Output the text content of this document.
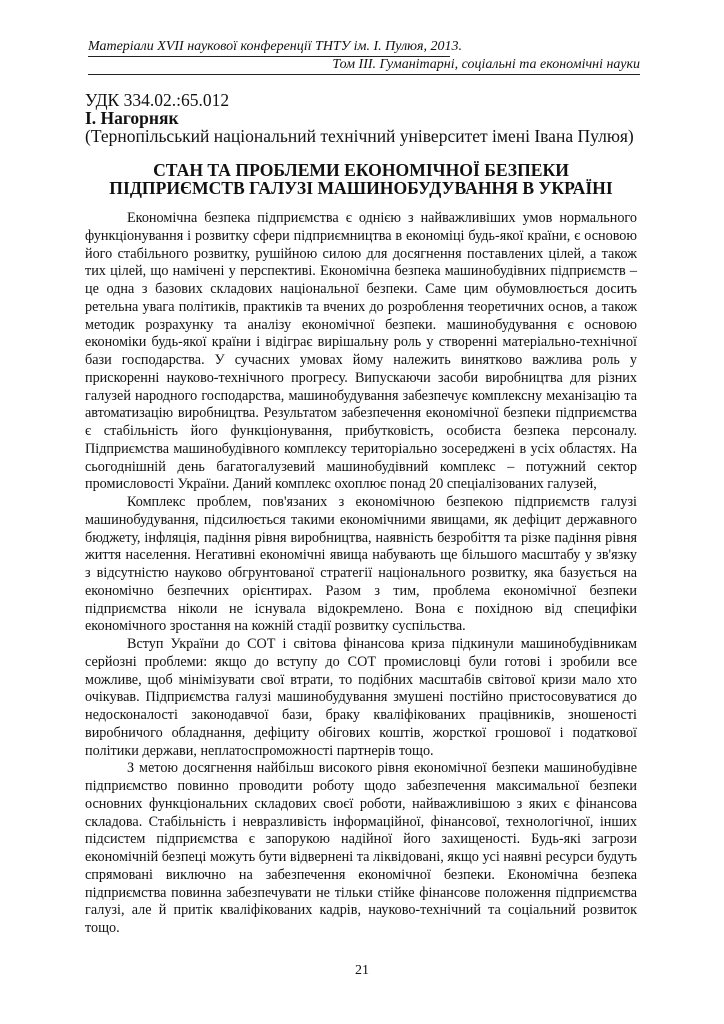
Матеріали XVII наукової конференції ТНТУ ім. І. Пулюя, 2013.
Том ІІІ. Гуманітарні, соціальні та економічні науки
УДК 334.02.:65.012
І. Нагорняк
(Тернопільський національний технічний університет імені Івана Пулюя)
СТАН ТА ПРОБЛЕМИ ЕКОНОМІЧНОЇ БЕЗПЕКИ
ПІДПРИЄМСТВ ГАЛУЗІ МАШИНОБУДУВАННЯ В УКРАЇНІ

Економічна безпека підприємства є однією з найважливіших умов нормального функціонування і розвитку сфери підприємництва в економіці будь-якої країни, є основою його стабільного розвитку, рушійною силою для досягнення поставлених цілей, а також тих цілей, що намічені у перспективі. Економічна безпека машинобудівних підприємств – це одна з базових складових національної безпеки. Саме цим обумовлюється досить ретельна увага політиків, практиків та вчених до розроблення теоретичних основ, а також методик розрахунку та аналізу економічної безпеки. машинобудування є основою економіки будь-якої країни і відіграє вирішальну роль у створенні матеріально-технічної бази господарства. У сучасних умовах йому належить винятково важлива роль у прискоренні науково-технічного прогресу. Випускаючи засоби виробництва для різних галузей народного господарства, машинобудування забезпечує комплексну механізацію та автоматизацію виробництва. Результатом забезпечення економічної безпеки підприємства є стабільність його функціонування, прибутковість, особиста безпека персоналу. Підприємства машинобудівного комплексу територіально зосереджені в усіх областях. На сьогоднішній день багатогалузевий машинобудівний комплекс – потужний сектор промисловості України. Даний комплекс охоплює понад 20 спеціалізованих галузей,

Комплекс проблем, пов'язаних з економічною безпекою підприємств галузі машинобудування, підсилюється такими економічними явищами, як дефіцит державного бюджету, інфляція, падіння рівня виробництва, наявність безробіття та різке падіння рівня життя населення. Негативні економічні явища набувають ще більшого масштабу у зв'язку з відсутністю науково обгрунтованої стратегії національного розвитку, яка базується на економічно безпечних орієнтирах. Разом з тим, проблема економічної безпеки підприємства ніколи не існувала відокремлено. Вона є похідною від специфіки економічного зростання на кожній стадії розвитку суспільства.

Вступ України до СОТ і світова фінансова криза підкинули машинобудівникам серйозні проблеми: якщо до вступу до СОТ промисловці були готові і зробили все можливе, щоб мінімізувати свої втрати, то подібних масштабів світової кризи мало хто очікував. Підприємства галузі машинобудування змушені постійно пристосовуватися до недосконалості законодавчої бази, браку кваліфікованих працівників, зношеності виробничого обладнання, дефіциту обігових коштів, жорсткої грошової і податкової політики держави, неплатоспроможності партнерів тощо.

З метою досягнення найбільш високого рівня економічної безпеки машинобудівне підприємство повинно проводити роботу щодо забезпечення максимальної безпеки основних функціональних складових своєї роботи, найважливішою з яких є фінансова складова. Стабільність і невразливість інформаційної, фінансової, технологічної, інших підсистем підприємства є запорукою надійної його захищеності. Будь-які загрози економічній безпеці можуть бути відвернені та ліквідовані, якщо усі наявні ресурси будуть спрямовані виключно на забезпечення економічної безпеки. Економічна безпека підприємства повинна забезпечувати не тільки стійке фінансове положення підприємства галузі, але й притік кваліфікованих кадрів, науково-технічний та соціальний розвиток тощо.

21
